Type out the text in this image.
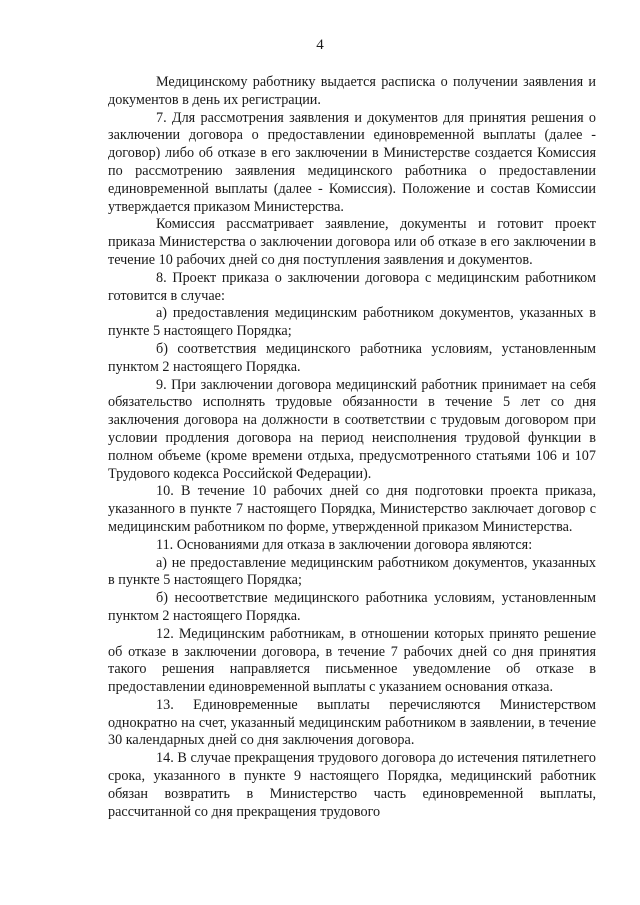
4

Медицинскому работнику выдается расписка о получении заявления и документов в день их регистрации.

7. Для рассмотрения заявления и документов для принятия решения о заключении договора о предоставлении единовременной выплаты (далее - договор) либо об отказе в его заключении в Министерстве создается Комиссия по рассмотрению заявления медицинского работника о предоставлении единовременной выплаты (далее - Комиссия). Положение и состав Комиссии утверждается приказом Министерства.

Комиссия рассматривает заявление, документы и готовит проект приказа Министерства о заключении договора или об отказе в его заключении в течение 10 рабочих дней со дня поступления заявления и документов.

8. Проект приказа о заключении договора с медицинским работником готовится в случае:

а) предоставления медицинским работником документов, указанных в пункте 5 настоящего Порядка;

б) соответствия медицинского работника условиям, установленным пунктом 2 настоящего Порядка.

9. При заключении договора медицинский работник принимает на себя обязательство исполнять трудовые обязанности в течение 5 лет со дня заключения договора на должности в соответствии с трудовым договором при условии продления договора на период неисполнения трудовой функции в полном объеме (кроме времени отдыха, предусмотренного статьями 106 и 107 Трудового кодекса Российской Федерации).

10. В течение 10 рабочих дней со дня подготовки проекта приказа, указанного в пункте 7 настоящего Порядка, Министерство заключает договор с медицинским работником по форме, утвержденной приказом Министерства.

11. Основаниями для отказа в заключении договора являются:

а) не предоставление медицинским работником документов, указанных в пункте 5 настоящего Порядка;

б) несоответствие медицинского работника условиям, установленным пунктом 2 настоящего Порядка.

12. Медицинским работникам, в отношении которых принято решение об отказе в заключении договора, в течение 7 рабочих дней со дня принятия такого решения направляется письменное уведомление об отказе в предоставлении единовременной выплаты с указанием основания отказа.

13. Единовременные выплаты перечисляются Министерством однократно на счет, указанный медицинским работником в заявлении, в течение 30 календарных дней со дня заключения договора.

14. В случае прекращения трудового договора до истечения пятилетнего срока, указанного в пункте 9 настоящего Порядка, медицинский работник обязан возвратить в Министерство часть единовременной выплаты, рассчитанной со дня прекращения трудового
